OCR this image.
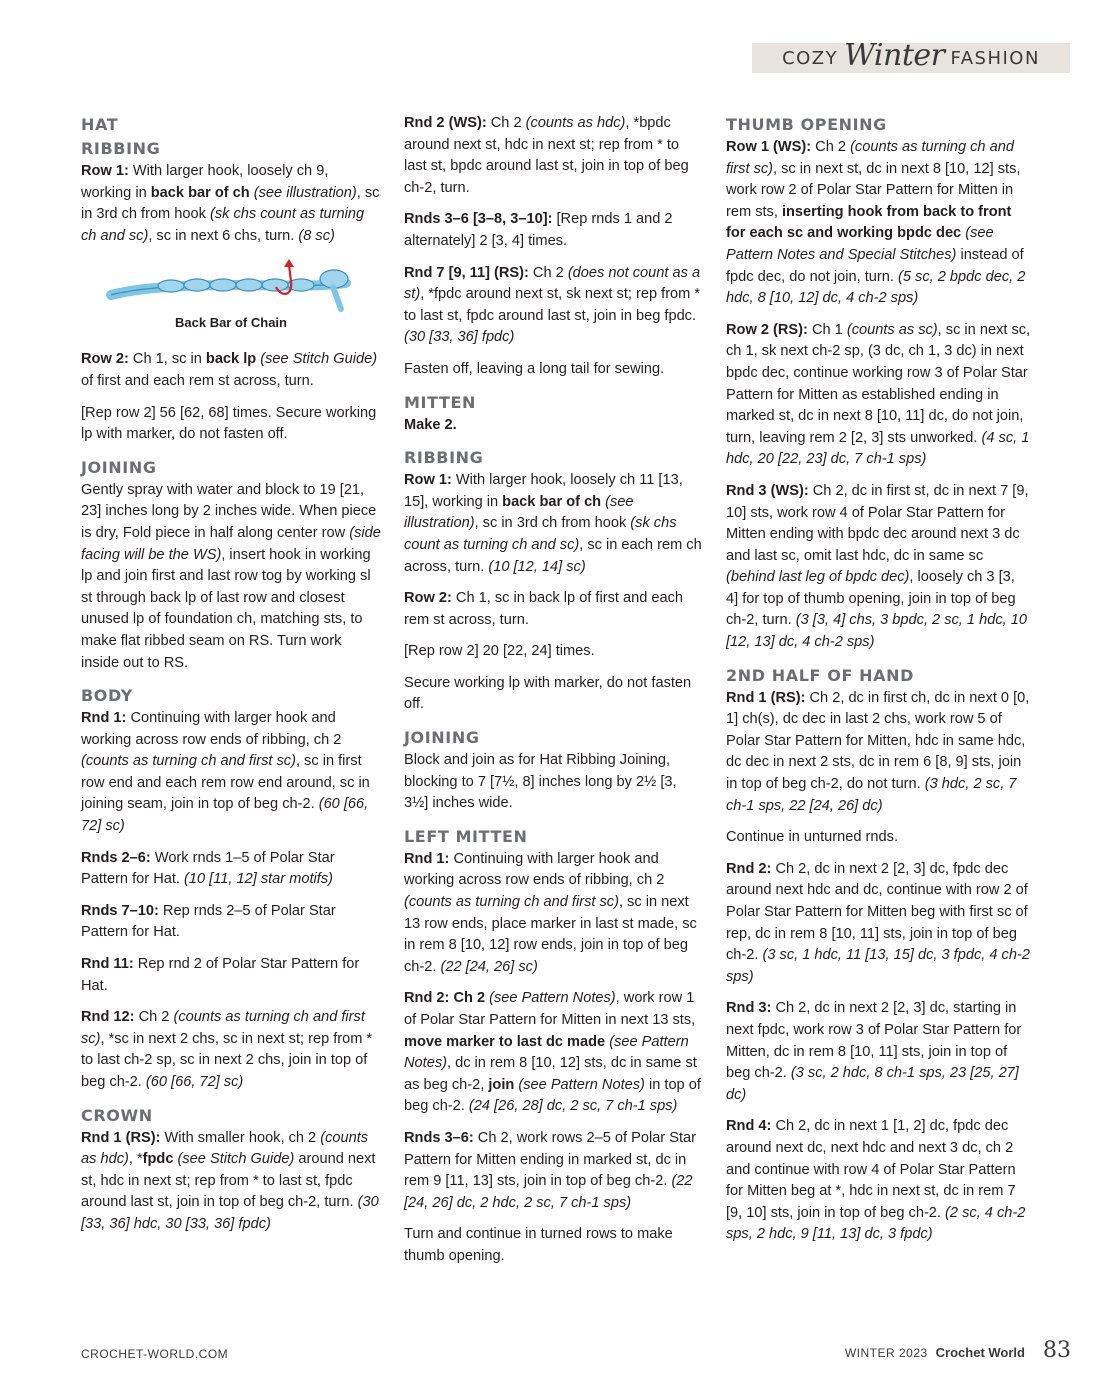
COZY Winter FASHION
HAT
RIBBING

Row 1: With larger hook, loosely ch 9, working in back bar of ch (see illustration), sc in 3rd ch from hook (sk chs count as turning ch and sc), sc in next 6 chs, turn. (8 sc)

Back Bar of Chain

Row 2: Ch 1, sc in back lp (see Stitch Guide) of first and each rem st across, turn.

[Rep row 2] 56 [62, 68] times. Secure working lp with marker, do not fasten off.

JOINING

Gently spray with water and block to 19 [21, 23] inches long by 2 inches wide. When piece is dry, Fold piece in half along center row (side facing will be the WS), insert hook in working lp and join first and last row tog by working sl st through back lp of last row and closest unused lp of foundation ch, matching sts, to make flat ribbed seam on RS. Turn work inside out to RS.

BODY

Rnd 1: Continuing with larger hook and working across row ends of ribbing, ch 2 (counts as turning ch and first sc), sc in first row end and each rem row end around, sc in joining seam, join in top of beg ch-2. (60 [66, 72] sc)

Rnds 2–6: Work rnds 1–5 of Polar Star Pattern for Hat. (10 [11, 12] star motifs)

Rnds 7–10: Rep rnds 2–5 of Polar Star Pattern for Hat.

Rnd 11: Rep rnd 2 of Polar Star Pattern for Hat.

Rnd 12: Ch 2 (counts as turning ch and first sc), *sc in next 2 chs, sc in next st; rep from * to last ch-2 sp, sc in next 2 chs, join in top of beg ch-2. (60 [66, 72] sc)

CROWN

Rnd 1 (RS): With smaller hook, ch 2 (counts as hdc), *fpdc (see Stitch Guide) around next st, hdc in next st; rep from * to last st, fpdc around last st, join in top of beg ch-2, turn. (30 [33, 36] hdc, 30 [33, 36] fpdc)

Rnd 2 (WS): Ch 2 (counts as hdc), *bpdc around next st, hdc in next st; rep from * to last st, bpdc around last st, join in top of beg ch-2, turn.

Rnds 3–6 [3–8, 3–10]: [Rep rnds 1 and 2 alternately] 2 [3, 4] times.

Rnd 7 [9, 11] (RS): Ch 2 (does not count as a st), *fpdc around next st, sk next st; rep from * to last st, fpdc around last st, join in beg fpdc. (30 [33, 36] fpdc)

Fasten off, leaving a long tail for sewing.

MITTEN

Make 2.

RIBBING

Row 1: With larger hook, loosely ch 11 [13, 15], working in back bar of ch (see illustration), sc in 3rd ch from hook (sk chs count as turning ch and sc), sc in each rem ch across, turn. (10 [12, 14] sc)

Row 2: Ch 1, sc in back lp of first and each rem st across, turn.

[Rep row 2] 20 [22, 24] times.

Secure working lp with marker, do not fasten off.

JOINING

Block and join as for Hat Ribbing Joining, blocking to 7 [7½, 8] inches long by 2½ [3, 3½] inches wide.

LEFT MITTEN

Rnd 1: Continuing with larger hook and working across row ends of ribbing, ch 2 (counts as turning ch and first sc), sc in next 13 row ends, place marker in last st made, sc in rem 8 [10, 12] row ends, join in top of beg ch-2. (22 [24, 26] sc)

Rnd 2: Ch 2 (see Pattern Notes), work row 1 of Polar Star Pattern for Mitten in next 13 sts, move marker to last dc made (see Pattern Notes), dc in rem 8 [10, 12] sts, dc in same st as beg ch-2, join (see Pattern Notes) in top of beg ch-2. (24 [26, 28] dc, 2 sc, 7 ch-1 sps)

Rnds 3–6: Ch 2, work rows 2–5 of Polar Star Pattern for Mitten ending in marked st, dc in rem 9 [11, 13] sts, join in top of beg ch-2. (22 [24, 26] dc, 2 hdc, 2 sc, 7 ch-1 sps)

Turn and continue in turned rows to make thumb opening.

THUMB OPENING

Row 1 (WS): Ch 2 (counts as turning ch and first sc), sc in next st, dc in next 8 [10, 12] sts, work row 2 of Polar Star Pattern for Mitten in rem sts, inserting hook from back to front for each sc and working bpdc dec (see Pattern Notes and Special Stitches) instead of fpdc dec, do not join, turn. (5 sc, 2 bpdc dec, 2 hdc, 8 [10, 12] dc, 4 ch-2 sps)

Row 2 (RS): Ch 1 (counts as sc), sc in next sc, ch 1, sk next ch-2 sp, (3 dc, ch 1, 3 dc) in next bpdc dec, continue working row 3 of Polar Star Pattern for Mitten as established ending in marked st, dc in next 8 [10, 11] dc, do not join, turn, leaving rem 2 [2, 3] sts unworked. (4 sc, 1 hdc, 20 [22, 23] dc, 7 ch-1 sps)

Rnd 3 (WS): Ch 2, dc in first st, dc in next 7 [9, 10] sts, work row 4 of Polar Star Pattern for Mitten ending with bpdc dec around next 3 dc and last sc, omit last hdc, dc in same sc (behind last leg of bpdc dec), loosely ch 3 [3, 4] for top of thumb opening, join in top of beg ch-2, turn. (3 [3, 4] chs, 3 bpdc, 2 sc, 1 hdc, 10 [12, 13] dc, 4 ch-2 sps)

2ND HALF OF HAND

Rnd 1 (RS): Ch 2, dc in first ch, dc in next 0 [0, 1] ch(s), dc dec in last 2 chs, work row 5 of Polar Star Pattern for Mitten, hdc in same hdc, dc dec in next 2 sts, dc in rem 6 [8, 9] sts, join in top of beg ch-2, do not turn. (3 hdc, 2 sc, 7 ch-1 sps, 22 [24, 26] dc)

Continue in unturned rnds.

Rnd 2: Ch 2, dc in next 2 [2, 3] dc, fpdc dec around next hdc and dc, continue with row 2 of Polar Star Pattern for Mitten beg with first sc of rep, dc in rem 8 [10, 11] sts, join in top of beg ch-2. (3 sc, 1 hdc, 11 [13, 15] dc, 3 fpdc, 4 ch-2 sps)

Rnd 3: Ch 2, dc in next 2 [2, 3] dc, starting in next fpdc, work row 3 of Polar Star Pattern for Mitten, dc in rem 8 [10, 11] sts, join in top of beg ch-2. (3 sc, 2 hdc, 8 ch-1 sps, 23 [25, 27] dc)

Rnd 4: Ch 2, dc in next 1 [1, 2] dc, fpdc dec around next dc, next hdc and next 3 dc, ch 2 and continue with row 4 of Polar Star Pattern for Mitten beg at *, hdc in next st, dc in rem 7 [9, 10] sts, join in top of beg ch-2. (2 sc, 4 ch-2 sps, 2 hdc, 9 [11, 13] dc, 3 fpdc)

CROCHET-WORLD.COM	WINTER 2023 Crochet World 83
